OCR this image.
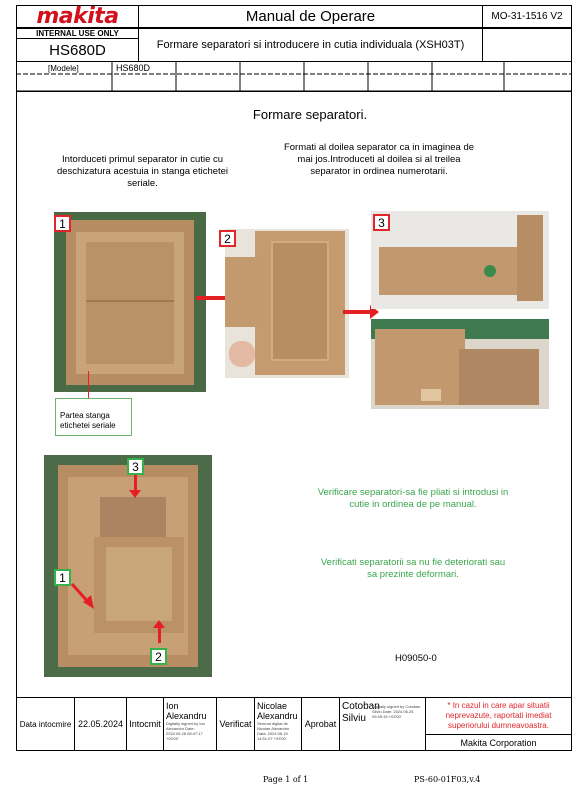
makita	Manual de Operare	MO-31-1516 V2
INTERNAL USE ONLY
HS680D	Formare separatori si introducere in cutia individuala (XSH03T)
[Modele]	HS680D
Formare separatori.
Intorduceti primul separator in cutie cu deschizatura acestuia in stanga etichetei seriale.
Formati al doilea separator ca in imaginea de mai jos.Introduceti al doilea si al treilea separator in ordinea numerotarii.
1
Partea stanga etichetei seriale
2
3
3
1
2
Verificare separatori-sa fie pliati si introdusi in cutie in ordinea de pe manual.
Verificati separatorii sa nu fie deteriorati sau sa prezinte deformari.
H09050-0
Data intocmire 22.05.2024 Intocmit
Ion Alexandru
Digitally signed by Ion Alexandru Date: 2024.05.28 08:47:17 +03'00'
Verificat
Nicolae Alexandru
Semnat digital de Nicolae Alexandru Data: 2024.06.19 14:51:07 +03'00'
Aprobat
Cotoban Silviu
Digitally signed by Cotoban Silviu Date: 2024.06.25 09:45:15 +03'00'
* In cazul in care apar situatii neprevazute, raportati imediat superiorului dumneavoastra.
Makita Corporation
Page 1 of 1	PS-60-01F03,v.4
